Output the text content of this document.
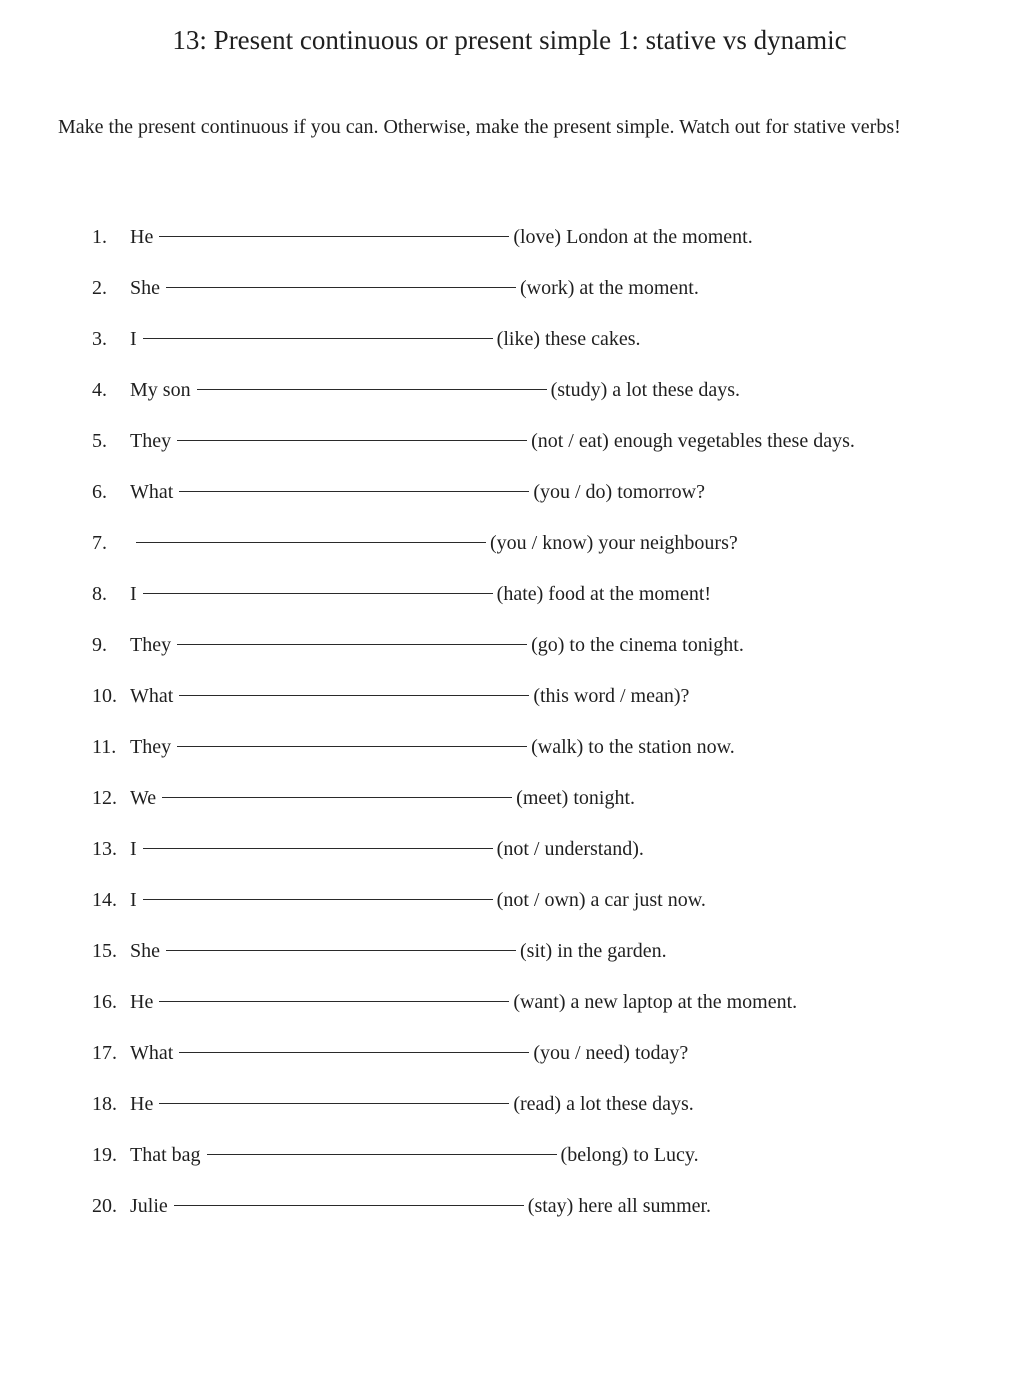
13: Present continuous or present simple 1: stative vs dynamic
Make the present continuous if you can. Otherwise, make the present simple. Watch out for stative verbs!
1. He	(love) London at the moment.
2. She	(work) at the moment.
3. I	(like) these cakes.
4. My son	(study) a lot these days.
5. They	(not / eat) enough vegetables these days.
6. What	(you / do) tomorrow?
7.	(you / know) your neighbours?
8. I	(hate) food at the moment!
9. They	(go) to the cinema tonight.
10. What	(this word / mean)?
11. They	(walk) to the station now.
12. We	(meet) tonight.
13. I	(not / understand).
14. I	(not / own) a car just now.
15. She	(sit) in the garden.
16. He	(want) a new laptop at the moment.
17. What	(you / need) today?
18. He	(read) a lot these days.
19. That bag	(belong) to Lucy.
20. Julie	(stay) here all summer.
